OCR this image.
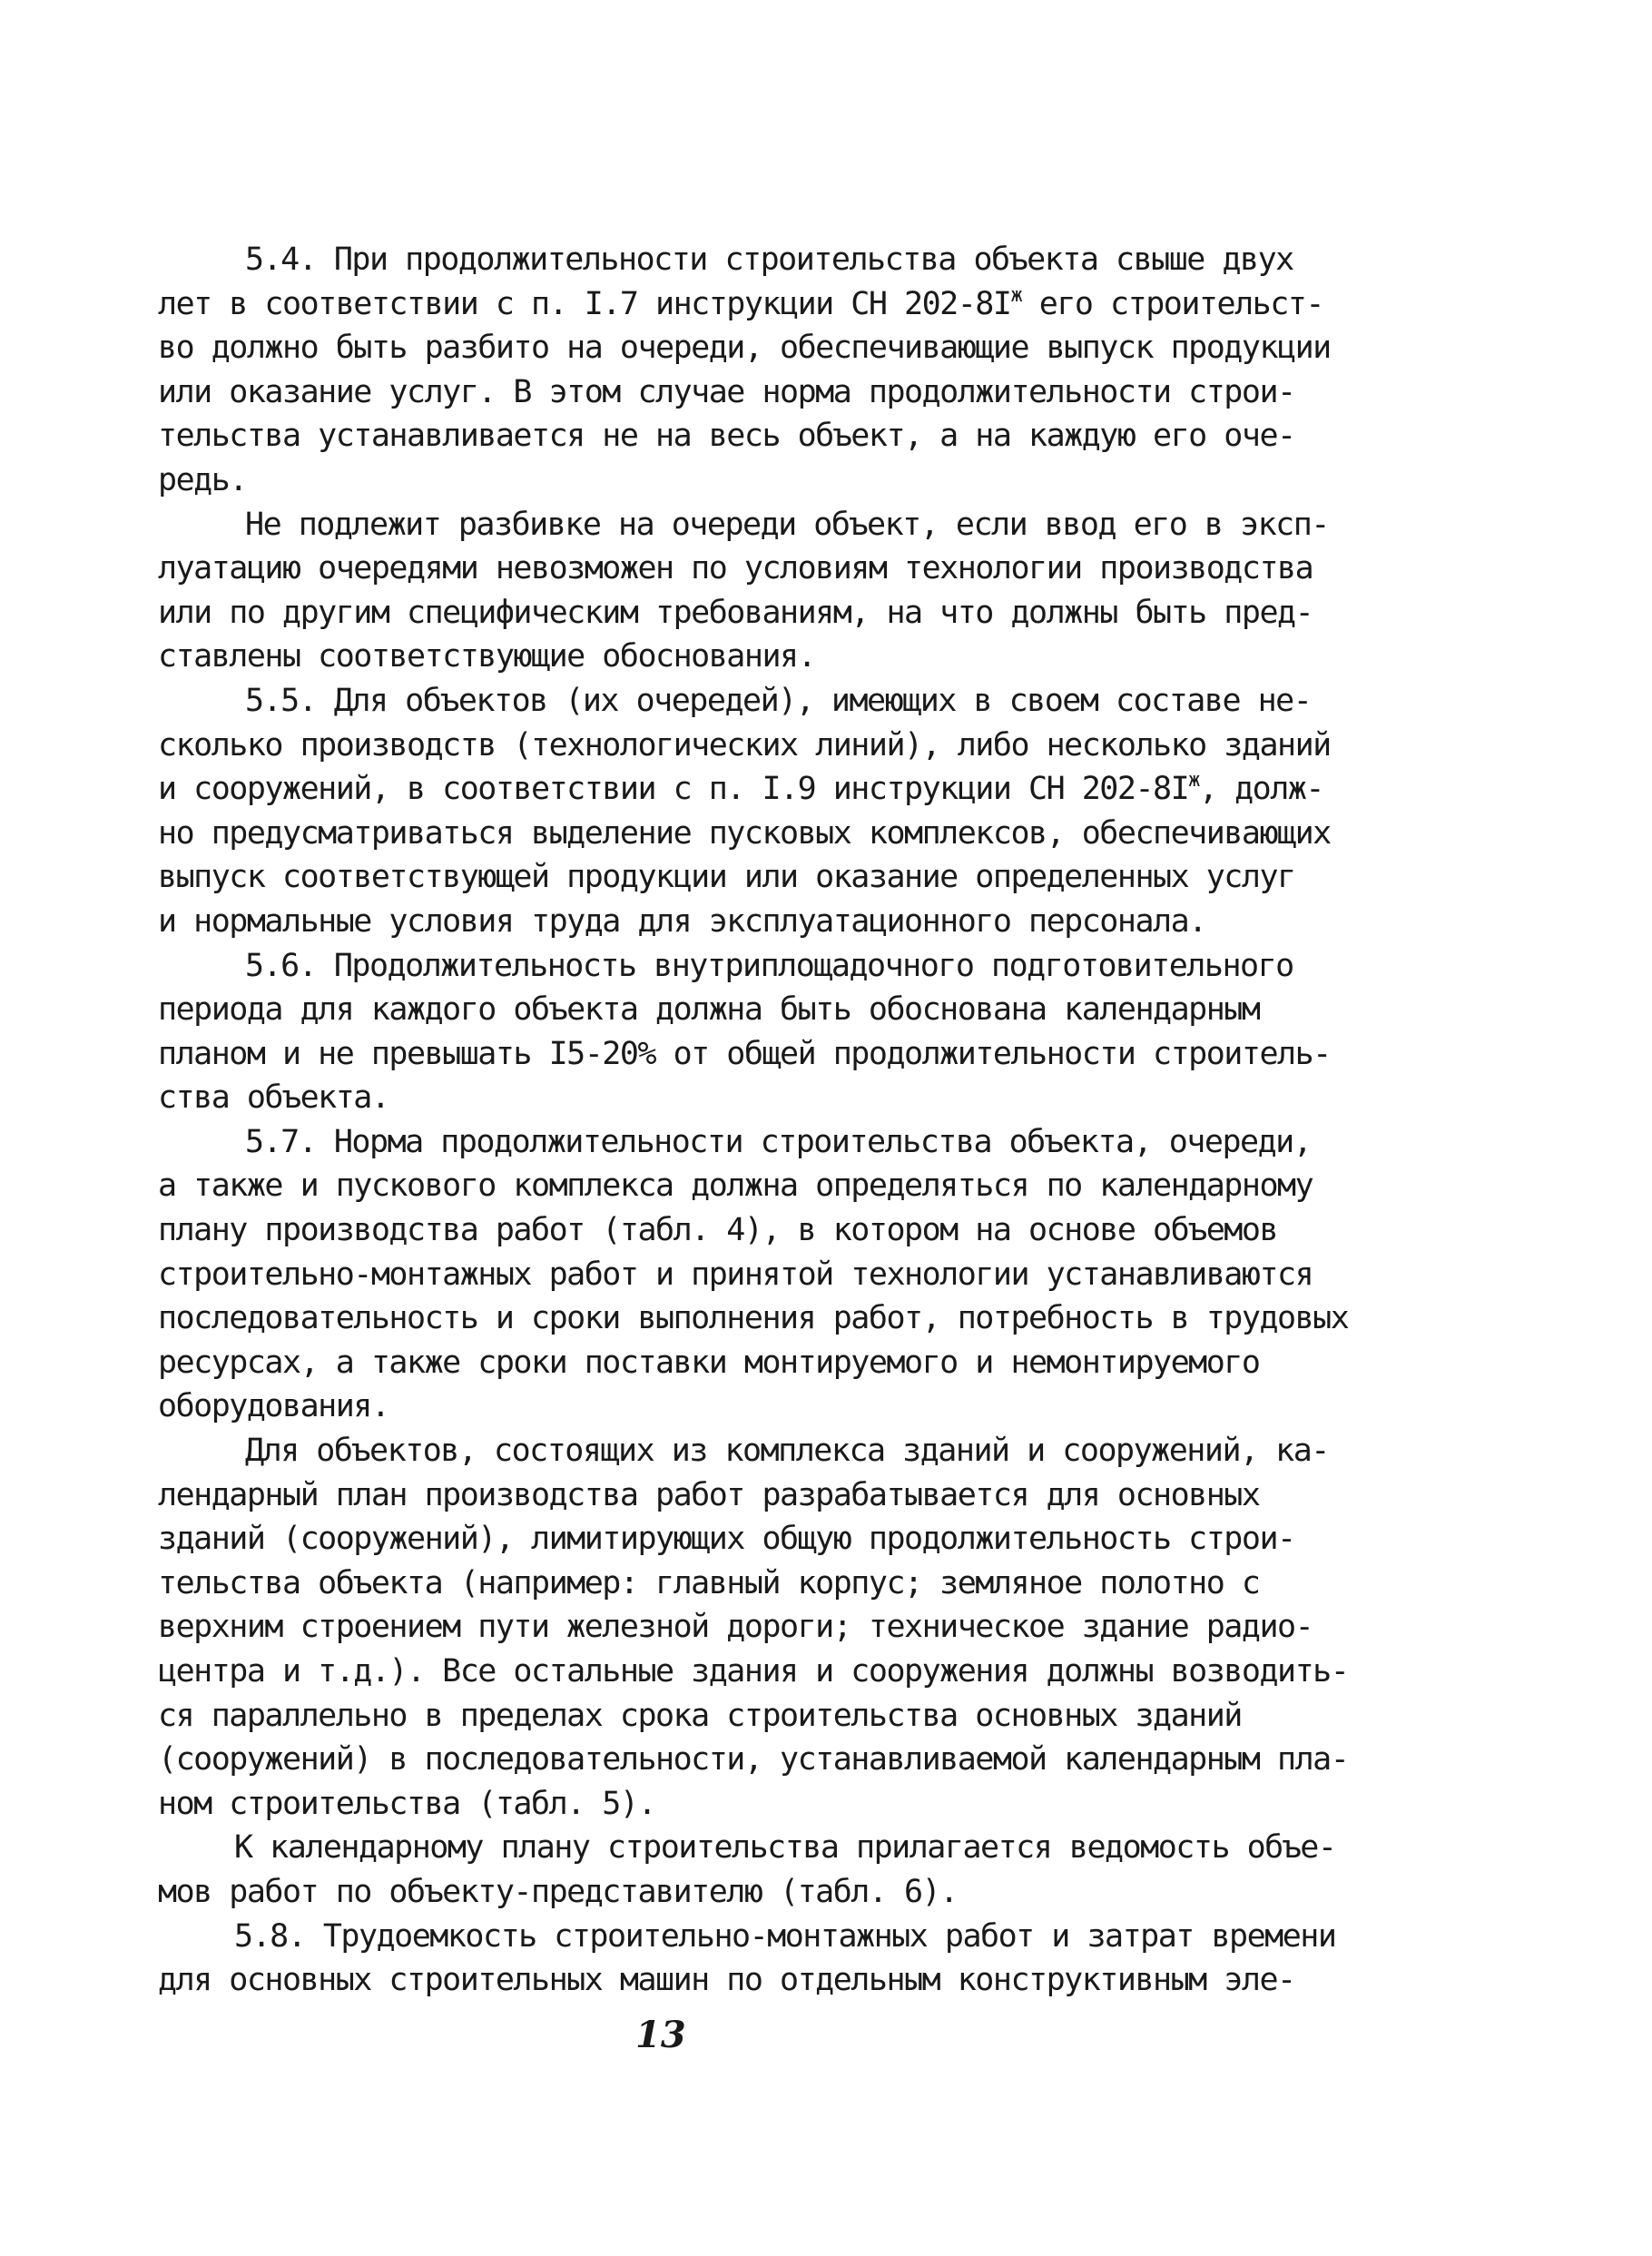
5.4. При продолжительности строительства объекта свыше двух
лет в соответствии с п. I.7 инструкции СН $202-8I^ж$ его строительст-
во должно быть разбито на очереди, обеспечивающие выпуск продукции
или оказание услуг. В этом случае норма продолжительности строи-
тельства устанавливается не на весь объект, а на каждую его оче-
редь.
Не подлежит разбивке на очереди объект, если ввод его в эксп-
луатацию очередями невозможен по условиям технологии производства
или по другим специфическим требованиям, на что должны быть пред-
ставлены соответствующие обоснования.
5.5. Для объектов (их очередей), имеющих в своем составе не-
сколько производств (технологических линий), либо несколько зданий
и сооружений, в соответствии с п. I.9 инструкции СН $202-8I^ж$, долж-
но предусматриваться выделение пусковых комплексов, обеспечивающих
выпуск соответствующей продукции или оказание определенных услуг
и нормальные условия труда для эксплуатационного персонала.
5.6. Продолжительность внутриплощадочного подготовительного
периода для каждого объекта должна быть обоснована календарным
планом и не превышать I5-20% от общей продолжительности строитель-
ства объекта.
5.7. Норма продолжительности строительства объекта, очереди,
а также и пускового комплекса должна определяться по календарному
плану производства работ (табл. 4), в котором на основе объемов
строительно-монтажных работ и принятой технологии устанавливаются
последовательность и сроки выполнения работ, потребность в трудовых
ресурсах, а также сроки поставки монтируемого и немонтируемого
оборудования.
Для объектов, состоящих из комплекса зданий и сооружений, ка-
лендарный план производства работ разрабатывается для основных
зданий (сооружений), лимитирующих общую продолжительность строи-
тельства объекта (например: главный корпус; земляное полотно с
верхним строением пути железной дороги; техническое здание радио-
центра и т.д.). Все остальные здания и сооружения должны возводить-
ся параллельно в пределах срока строительства основных зданий
(сооружений) в последовательности, устанавливаемой календарным пла-
ном строительства (табл. 5).
К календарному плану строительства прилагается ведомость объе-
мов работ по объекту-представителю (табл. 6).
5.8. Трудоемкость строительно-монтажных работ и затрат времени
для основных строительных машин по отдельным конструктивным эле-
13
